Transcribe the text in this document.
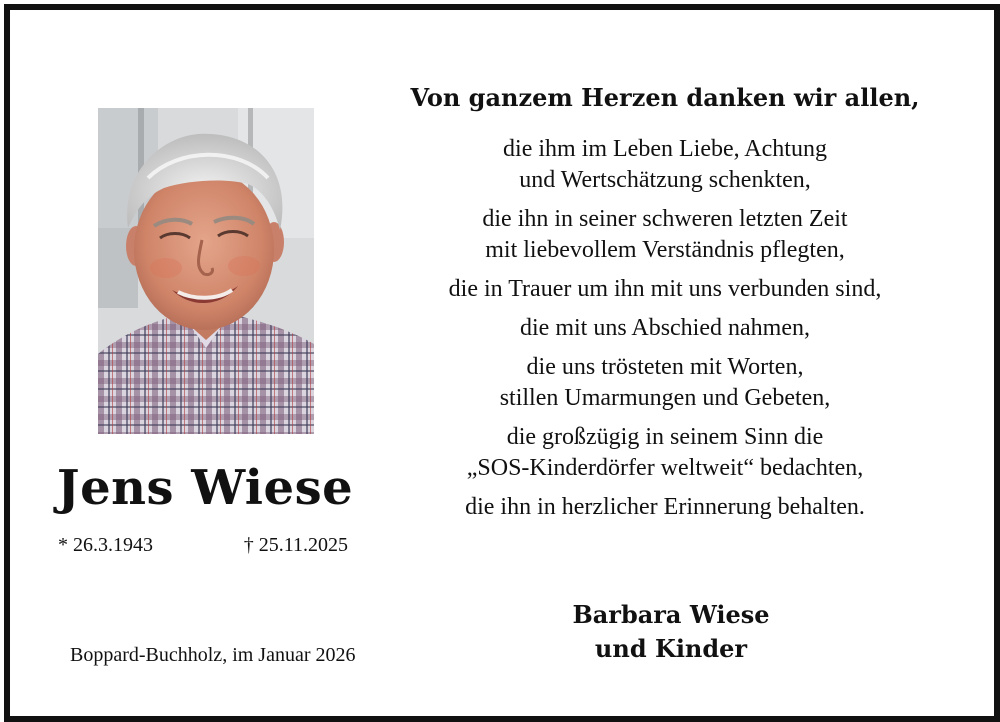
Jens Wiese
* 26.3.1943	† 25.11.2025
Boppard-Buchholz, im Januar 2026
Von ganzem Herzen danken wir allen,
die ihm im Leben Liebe, Achtung
und Wertschätzung schenkten,
die ihn in seiner schweren letzten Zeit
mit liebevollem Verständnis pflegten,
die in Trauer um ihn mit uns verbunden sind,
die mit uns Abschied nahmen,
die uns trösteten mit Worten,
stillen Umarmungen und Gebeten,
die großzügig in seinem Sinn die
„SOS-Kinderdörfer weltweit“ bedachten,
die ihn in herzlicher Erinnerung behalten.
Barbara Wiese
und Kinder
